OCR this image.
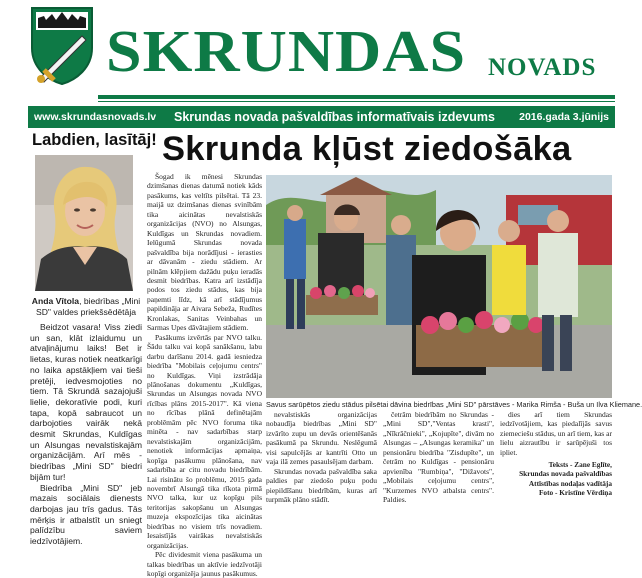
SKRUNDAS NOVADS
www.skrundasnovads.lv Skrundas novada pašvaldības informatīvais izdevums 2016.gada 3.jūnijs
Labdien, lasītāj!
Anda Vītola, biedrības „Mini SD" valdes priekšsēdētāja

Beidzot vasara! Viss ziedi un san, klāt izlaidumu un atvaļinājumu laiks! Bet ir lietas, kuras notiek neatkarīgi no laika apstākļiem vai tieši pretēji, iedvesmojoties no tiem. Tā Skrundā sazajojuši lielie, dekoratīvie podi, kuri tapa, kopā sabraucot un darbojoties vairāk nekā desmit Skrundas, Kuldīgas un Alsungas nevalstiskajām organizācijām. Arī mēs - biedrības „Mini SD" biedri bijām tur!

Biedrība „Mini SD" jeb mazais sociālais dienests darbojas jau trīs gadus. Tās mērķis ir atbalstīt un sniegt palīdzību saviem iedzīvotājiem.

Skrunda kļūst ziedošāka

Šogad ik mēnesi Skrundas dzimšanas dienas datumā notiek kāds pasākums, kas veltīts pilsētai. Tā 23. maijā uz dzimšanas dienas svinībām tika aicinātas nevalstiskās organizācijas (NVO) no Alsungas, Kuldīgas un Skrundas novadiem. Ielūgumā Skrundas novada pašvaldība bija norādījusi - ierasties ar dāvanām - ziedu stādiem. Ar pilnām klēpjiem dažādu puķu ieradās desmit biedrības. Katra arī izstādīja podos tos ziedu stādus, kas bija paņemti līdz, kā arī stādījumus papildināja ar Aivara Sebeža, Rudītes Kronlakas, Sanitas Veinbahas un Sarmas Upes dāvātajiem stādiem.

Pasākums izvērtās par NVO talku. Šādu talku vai kopā sanākšanu, labu darbu darīšanu 2014. gadā iesniedza biedrība "Mobilais ceļojumu centrs" no Kuldīgas. Viņi izstrādāja plānošanas dokumentu „Kuldīgas, Skrundas un Alsungas novada NVO rīcības plāns 2015-2017". Kā viena no rīcības plānā definētajām problēmām pēc NVO foruma tika minēta - nav sadarbības starp nevalstiskajām organizācijām, nenotiek informācijas apmaiņa, kopīga pasākumu plānošana, nav sadarbība ar citu novadu biedrībām. Lai risinātu šo problēmu, 2015 gada novembrī Alsungā tika rīkota pirmā NVO talka, kur uz kopīgu pils teritorijas sakopšanu un Alsungas muzeja ekspozīcijas tika aicinātas biedrības no visiem trīs novadiem. Iesaistījās vairākas nevalstiskās organizācijas.

Pēc dividesmit viena pasākuma un talkas biedrības un aktīvie iedzīvotāji kopīgi organizēja jaunus pasākumus.

Savus sarūpētos ziedu stādus pilsētai dāvina biedrības „Mini SD" pārstāves - Marika Rimša - Buša un Ilva Kliemane.

nevalstiskās organizācijas nobaudīja biedrības „Mini SD" izvārīto zupu un devās orientēšanās pasākumā pa Skrundu. Neslēgumā visi sapulcējās ar kantrīti Otto un vaja ilā zemes pasaulsējam darbam.

Skrundas novada pašvaldība saka paldies par ziedošo puķu podu piepildīšanu biedrībām, kuras arī turpmāk plāno stādīt.

četrām biedrībām no Skrundas - „Mini SD","Ventas krasti", „Nīkrāčnieki", „Kojupīte", divām no Alsungas – „Alsungas keramika" un pensionāru biedrība "Zisdupīte", un četrām no Kuldīgas - pensionāru apvienība "Rumbiņa", "Dižavots", „Mobilais ceļojumu centrs", "Kurzemes NVO atbalsta centrs". Paldies.

dies arī tiem Skrundas iedzīvotājiem, kas piedalījās savus ziemeciešu stādus, un arī tiem, kas ar lielu aizrautību ir sarūpējuši tos ipliet.

Teksts - Zane Eglīte,
Skrundas novada pašvaldības
Attīstības nodaļas vadītāja
Foto - Kristīne Vērdiņa
